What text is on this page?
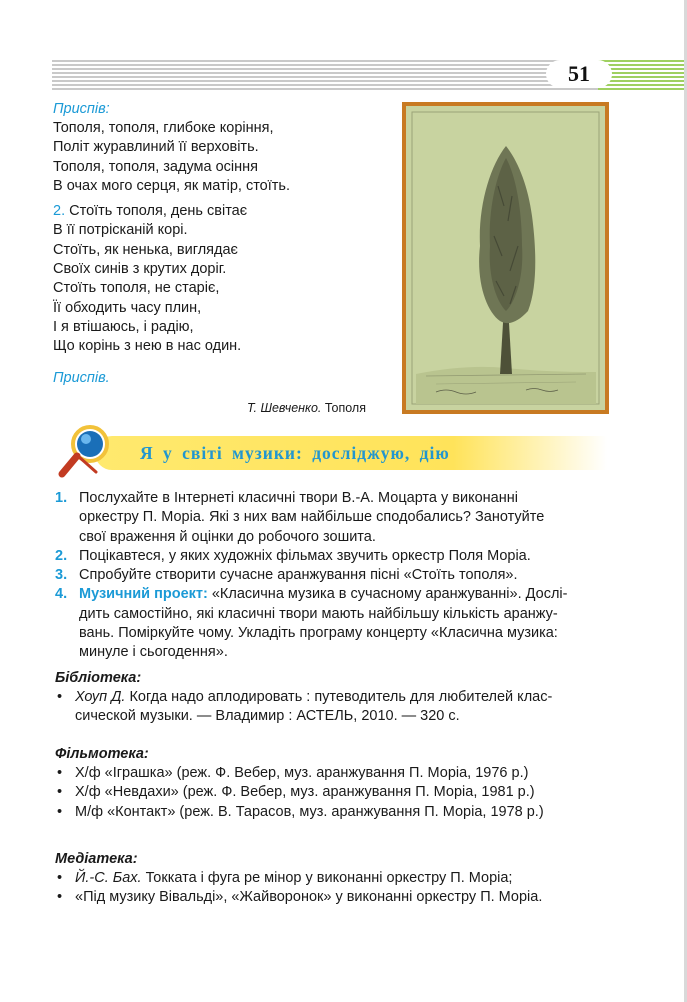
51
Приспів:
Тополя, тополя, глибоке коріння,
Політ журавлиний її верховіть.
Тополя, тополя, задума осіння
В очах мого серця, як матір, стоїть.
2. Стоїть тополя, день світає
В її потрісканій корі.
Стоїть, як ненька, виглядає
Своїх синів з крутих доріг.
Стоїть тополя, не старіє,
Її обходить часу плин,
І я втішаюсь, і радію,
Що корінь з нею в нас один.
Приспів.
Т. Шевченко. Тополя
Я у світі музики: досліджую, дію
1. Послухайте в Інтернеті класичні твори В.-А. Моцарта у виконанні
оркестру П. Моріа. Які з них вам найбільше сподобались? Занотуйте
свої враження й оцінки до робочого зошита.
2. Поцікавтеся, у яких художніх фільмах звучить оркестр Поля Моріа.
3. Спробуйте створити сучасне аранжування пісні «Стоїть тополя».
4. Музичний проект: «Класична музика в сучасному аранжуванні». Дослі-
дить самостійно, які класичні твори мають найбільшу кількість аранжу-
вань. Поміркуйте чому. Укладіть програму концерту «Класична музика:
минуле і сьогодення».
Бібліотека:
• Хоуп Д. Когда надо аплодировать : путеводитель для любителей клас-
сической музыки. — Владимир : АСТЕЛЬ, 2010. — 320 с.
Фільмотека:
• Х/ф «Іграшка» (реж. Ф. Вебер, муз. аранжування П. Моріа, 1976 р.)
• Х/ф «Невдахи» (реж. Ф. Вебер, муз. аранжування П. Моріа, 1981 р.)
• М/ф «Контакт» (реж. В. Тарасов, муз. аранжування П. Моріа, 1978 р.)
Медіатека:
• Й.-С. Бах. Токката і фуга ре мінор у виконанні оркестру П. Моріа;
• «Під музику Вівальді», «Жайворонок» у виконанні оркестру П. Моріа.
